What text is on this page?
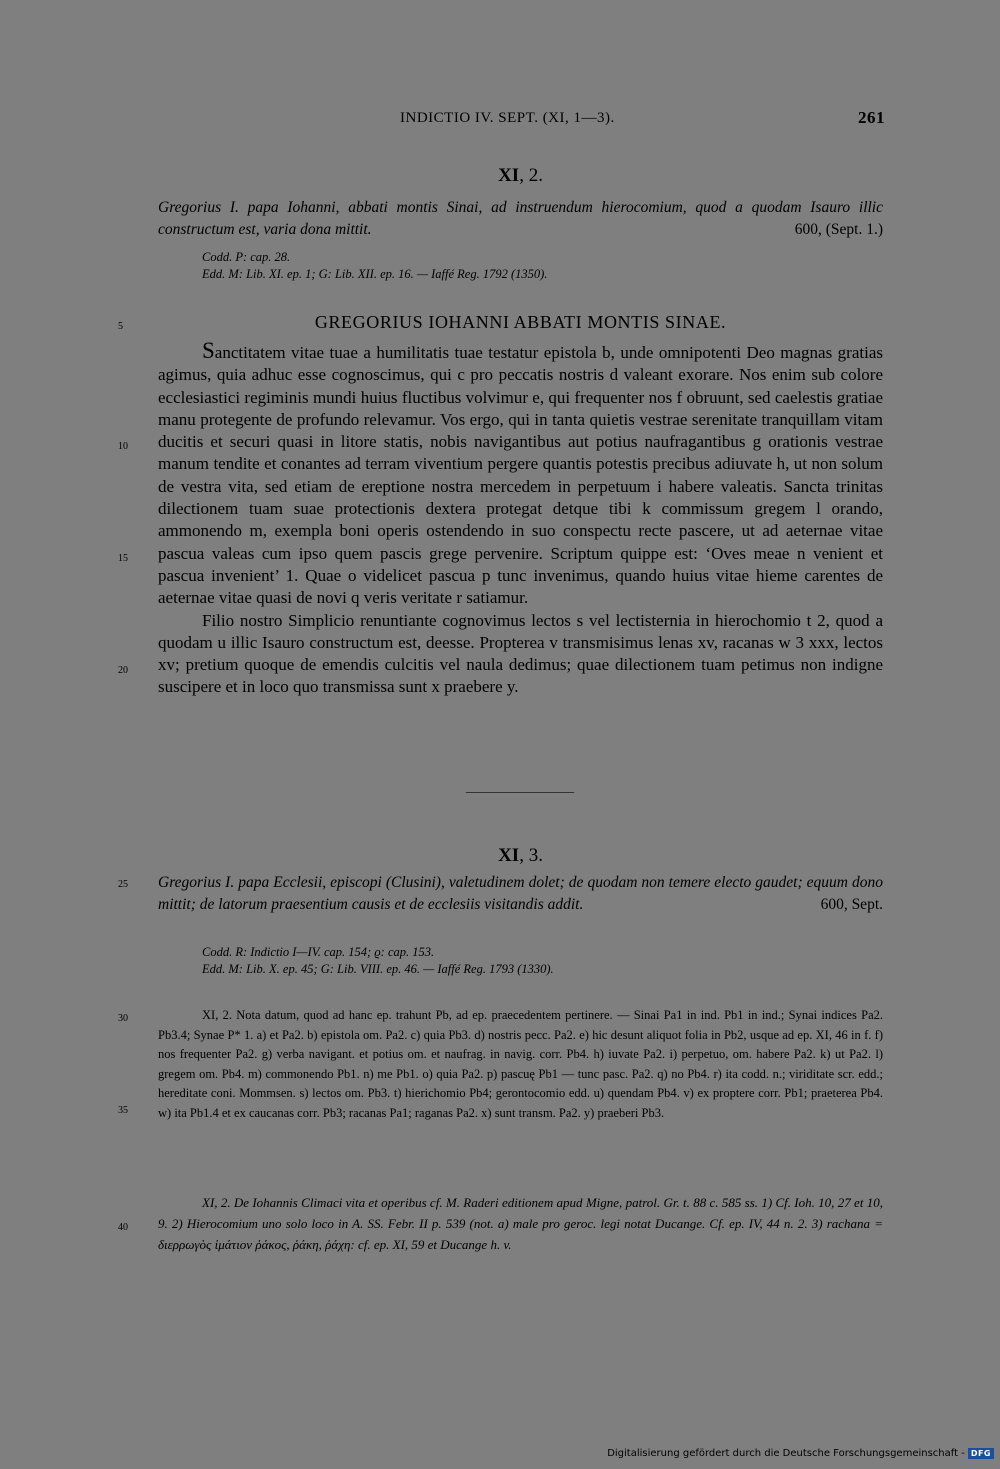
INDICTIO IV. SEPT. (XI, 1—3).	261
XI, 2.
Gregorius I. papa Iohanni, abbati montis Sinai, ad instruendum hierocomium, quod a quodam Isauro illic constructum est, varia dona mittit.	600, (Sept. 1.)
Codd. P: cap. 28.
Edd. M: Lib. XI. ep. 1; G: Lib. XII. ep. 16. — Iaffé Reg. 1792 (1350).
5	GREGORIUS IOHANNI ABBATI MONTIS SINAE.
10
15
20
Sanctitatem vitae tuae a humilitatis tuae testatur epistola b, unde omnipotenti Deo magnas gratias agimus, quia adhuc esse cognoscimus, qui c pro peccatis nostris d valeant exorare. Nos enim sub colore ecclesiastici regiminis mundi huius fluctibus volvimur e, qui frequenter nos f obruunt, sed caelestis gratiae manu protegente de profundo relevamur. Vos ergo, qui in tanta quietis vestrae serenitate tranquillam vitam ducitis et securi quasi in litore statis, nobis navigantibus aut potius naufragantibus g orationis vestrae manum tendite et conantes ad terram viventium pergere quantis potestis precibus adiuvate h, ut non solum de vestra vita, sed etiam de ereptione nostra mercedem in perpetuum i habere valeatis. Sancta trinitas dilectionem tuam suae protectionis dextera protegat detque tibi k commissum gregem l orando, ammonendo m, exempla boni operis ostendendo in suo conspectu recte pascere, ut ad aeternae vitae pascua valeas cum ipso quem pascis grege pervenire. Scriptum quippe est: ‘Oves meae n venient et pascua invenient’ 1. Quae o videlicet pascua p tunc invenimus, quando huius vitae hieme carentes de aeternae vitae quasi de novi q veris veritate r satiamur.
Filio nostro Simplicio renuntiante cognovimus lectos s vel lectisternia in hierochomio t 2, quod a quodam u illic Isauro constructum est, deesse. Propterea v transmisimus lenas xv, racanas w 3 xxx, lectos xv; pretium quoque de emendis culcitis vel naula dedimus; quae dilectionem tuam petimus non indigne suscipere et in loco quo transmissa sunt x praebere y.
XI, 3.
25 Gregorius I. papa Ecclesii, episcopi (Clusini), valetudinem dolet; de quodam non temere electo gaudet; equum dono mittit; de latorum praesentium causis et de ecclesiis visitandis addit.	600, Sept.
Codd. R: Indictio I—IV. cap. 154; ϱ: cap. 153.
Edd. M: Lib. X. ep. 45; G: Lib. VIII. ep. 46. — Iaffé Reg. 1793 (1330).
30
35
XI, 2. Nota datum, quod ad hanc ep. trahunt Pb, ad ep. praecedentem pertinere. — Sinai Pa1 in ind. Pb1 in ind.; Synai indices Pa2. Pb3.4; Synae P* 1. a) et Pa2. b) epistola om. Pa2. c) quia Pb3. d) nostris pecc. Pa2. e) hic desunt aliquot folia in Pb2, usque ad ep. XI, 46 in f. f) nos frequenter Pa2. g) verba navigant. et potius om. et naufrag. in navig. corr. Pb4. h) iuvate Pa2. i) perpetuo, om. habere Pa2. k) ut Pa2. l) gregem om. Pb4. m) commonendo Pb1. n) me Pb1. o) quia Pa2. p) pascuę Pb1 — tunc pasc. Pa2. q) no Pb4. r) ita codd. n.; viriditate scr. edd.; hereditate coni. Mommsen. s) lectos om. Pb3. t) hierichomio Pb4; gerontocomio edd. u) quendam Pb4. v) ex proptere corr. Pb1; praeterea Pb4. w) ita Pb1.4 et ex caucanas corr. Pb3; racanas Pa1; raganas Pa2. x) sunt transm. Pa2. y) praeberi Pb3.
40
XI, 2. De Iohannis Climaci vita et operibus cf. M. Raderi editionem apud Migne, patrol. Gr. t. 88 c. 585 ss. 1) Cf. Ioh. 10, 27 et 10, 9. 2) Hierocomium uno solo loco in A. SS. Febr. II p. 539 (not. a) male pro geroc. legi notat Ducange. Cf. ep. IV, 44 n. 2. 3) rachana = διερρωγὸς ἱμάτιον ῥάκος, ῥάκη, ῥάχη: cf. ep. XI, 59 et Ducange h. v.
Digitalisierung gefördert durch die Deutsche Forschungsgemeinschaft - DFG
